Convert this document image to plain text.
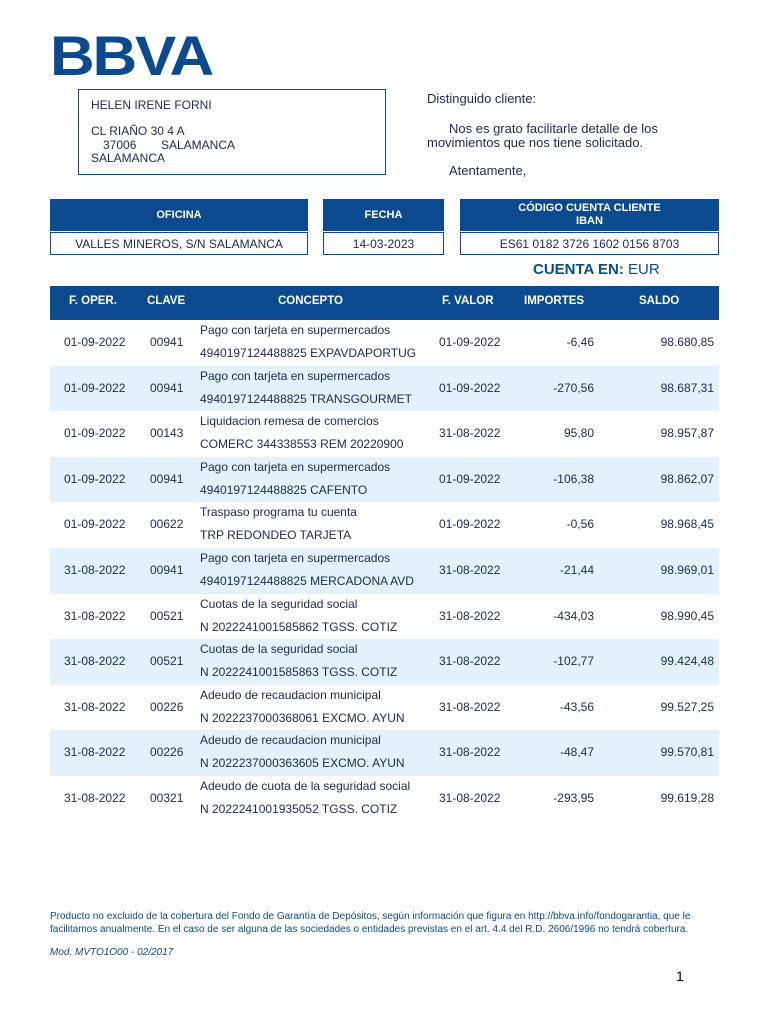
BBVA
HELEN IRENE FORNI
CL RIAÑO 30 4 A
37006 SALAMANCA
SALAMANCA
Distinguido cliente:
Nos es grato facilitarle detalle de los
movimientos que nos tiene solicitado.
Atentamente,
OFICINA	FECHA
CÓDIGO CUENTA CLIENTE
IBAN
VALLES MINEROS, S/N SALAMANCA	14-03-2023	ES61 0182 3726 1602 0156 8703
CUENTA EN: EUR
F. OPER.	CLAVE	CONCEPTO	F. VALOR	IMPORTES	SALDO
01-09-2022 00941
Pago con tarjeta en supermercados
4940197124488825 EXPAVDAPORTUG
01-09-2022	-6,46	98.680,85
01-09-2022 00941
Pago con tarjeta en supermercados
4940197124488825 TRANSGOURMET
01-09-2022	-270,56	98.687,31
01-09-2022 00143
Liquidacion remesa de comercios
COMERC 344338553 REM 20220900
31-08-2022	95,80	98.957,87
01-09-2022 00941
Pago con tarjeta en supermercados
4940197124488825 CAFENTO
01-09-2022	-106,38	98.862,07
01-09-2022 00622
Traspaso programa tu cuenta
TRP REDONDEO TARJETA
01-09-2022	-0,56	98.968,45
31-08-2022 00941
Pago con tarjeta en supermercados
4940197124488825 MERCADONA AVD
31-08-2022	-21,44	98.969,01
31-08-2022 00521
Cuotas de la seguridad social
N 2022241001585862 TGSS. COTIZ
31-08-2022	-434,03	98.990,45
31-08-2022 00521
Cuotas de la seguridad social
N 2022241001585863 TGSS. COTIZ
31-08-2022	-102,77	99.424,48
31-08-2022 00226
Adeudo de recaudacion municipal
N 2022237000368061 EXCMO. AYUN
31-08-2022	-43,56	99.527,25
31-08-2022 00226
Adeudo de recaudacion municipal
N 2022237000363605 EXCMO. AYUN
31-08-2022	-48,47	99.570,81
31-08-2022 00321
Adeudo de cuota de la seguridad social
N 2022241001935052 TGSS. COTIZ
31-08-2022	-293,95	99.619,28
Producto no excluido de la cobertura del Fondo de Garantía de Depósitos, según información que figura en http://bbva.info/fondogarantia, que le
facilitamos anualmente. En el caso de ser alguna de las sociedades o entidades previstas en el art. 4.4 del R.D. 2606/1996 no tendrá cobertura.
Mod. MVTO1O00 - 02/2017
1
